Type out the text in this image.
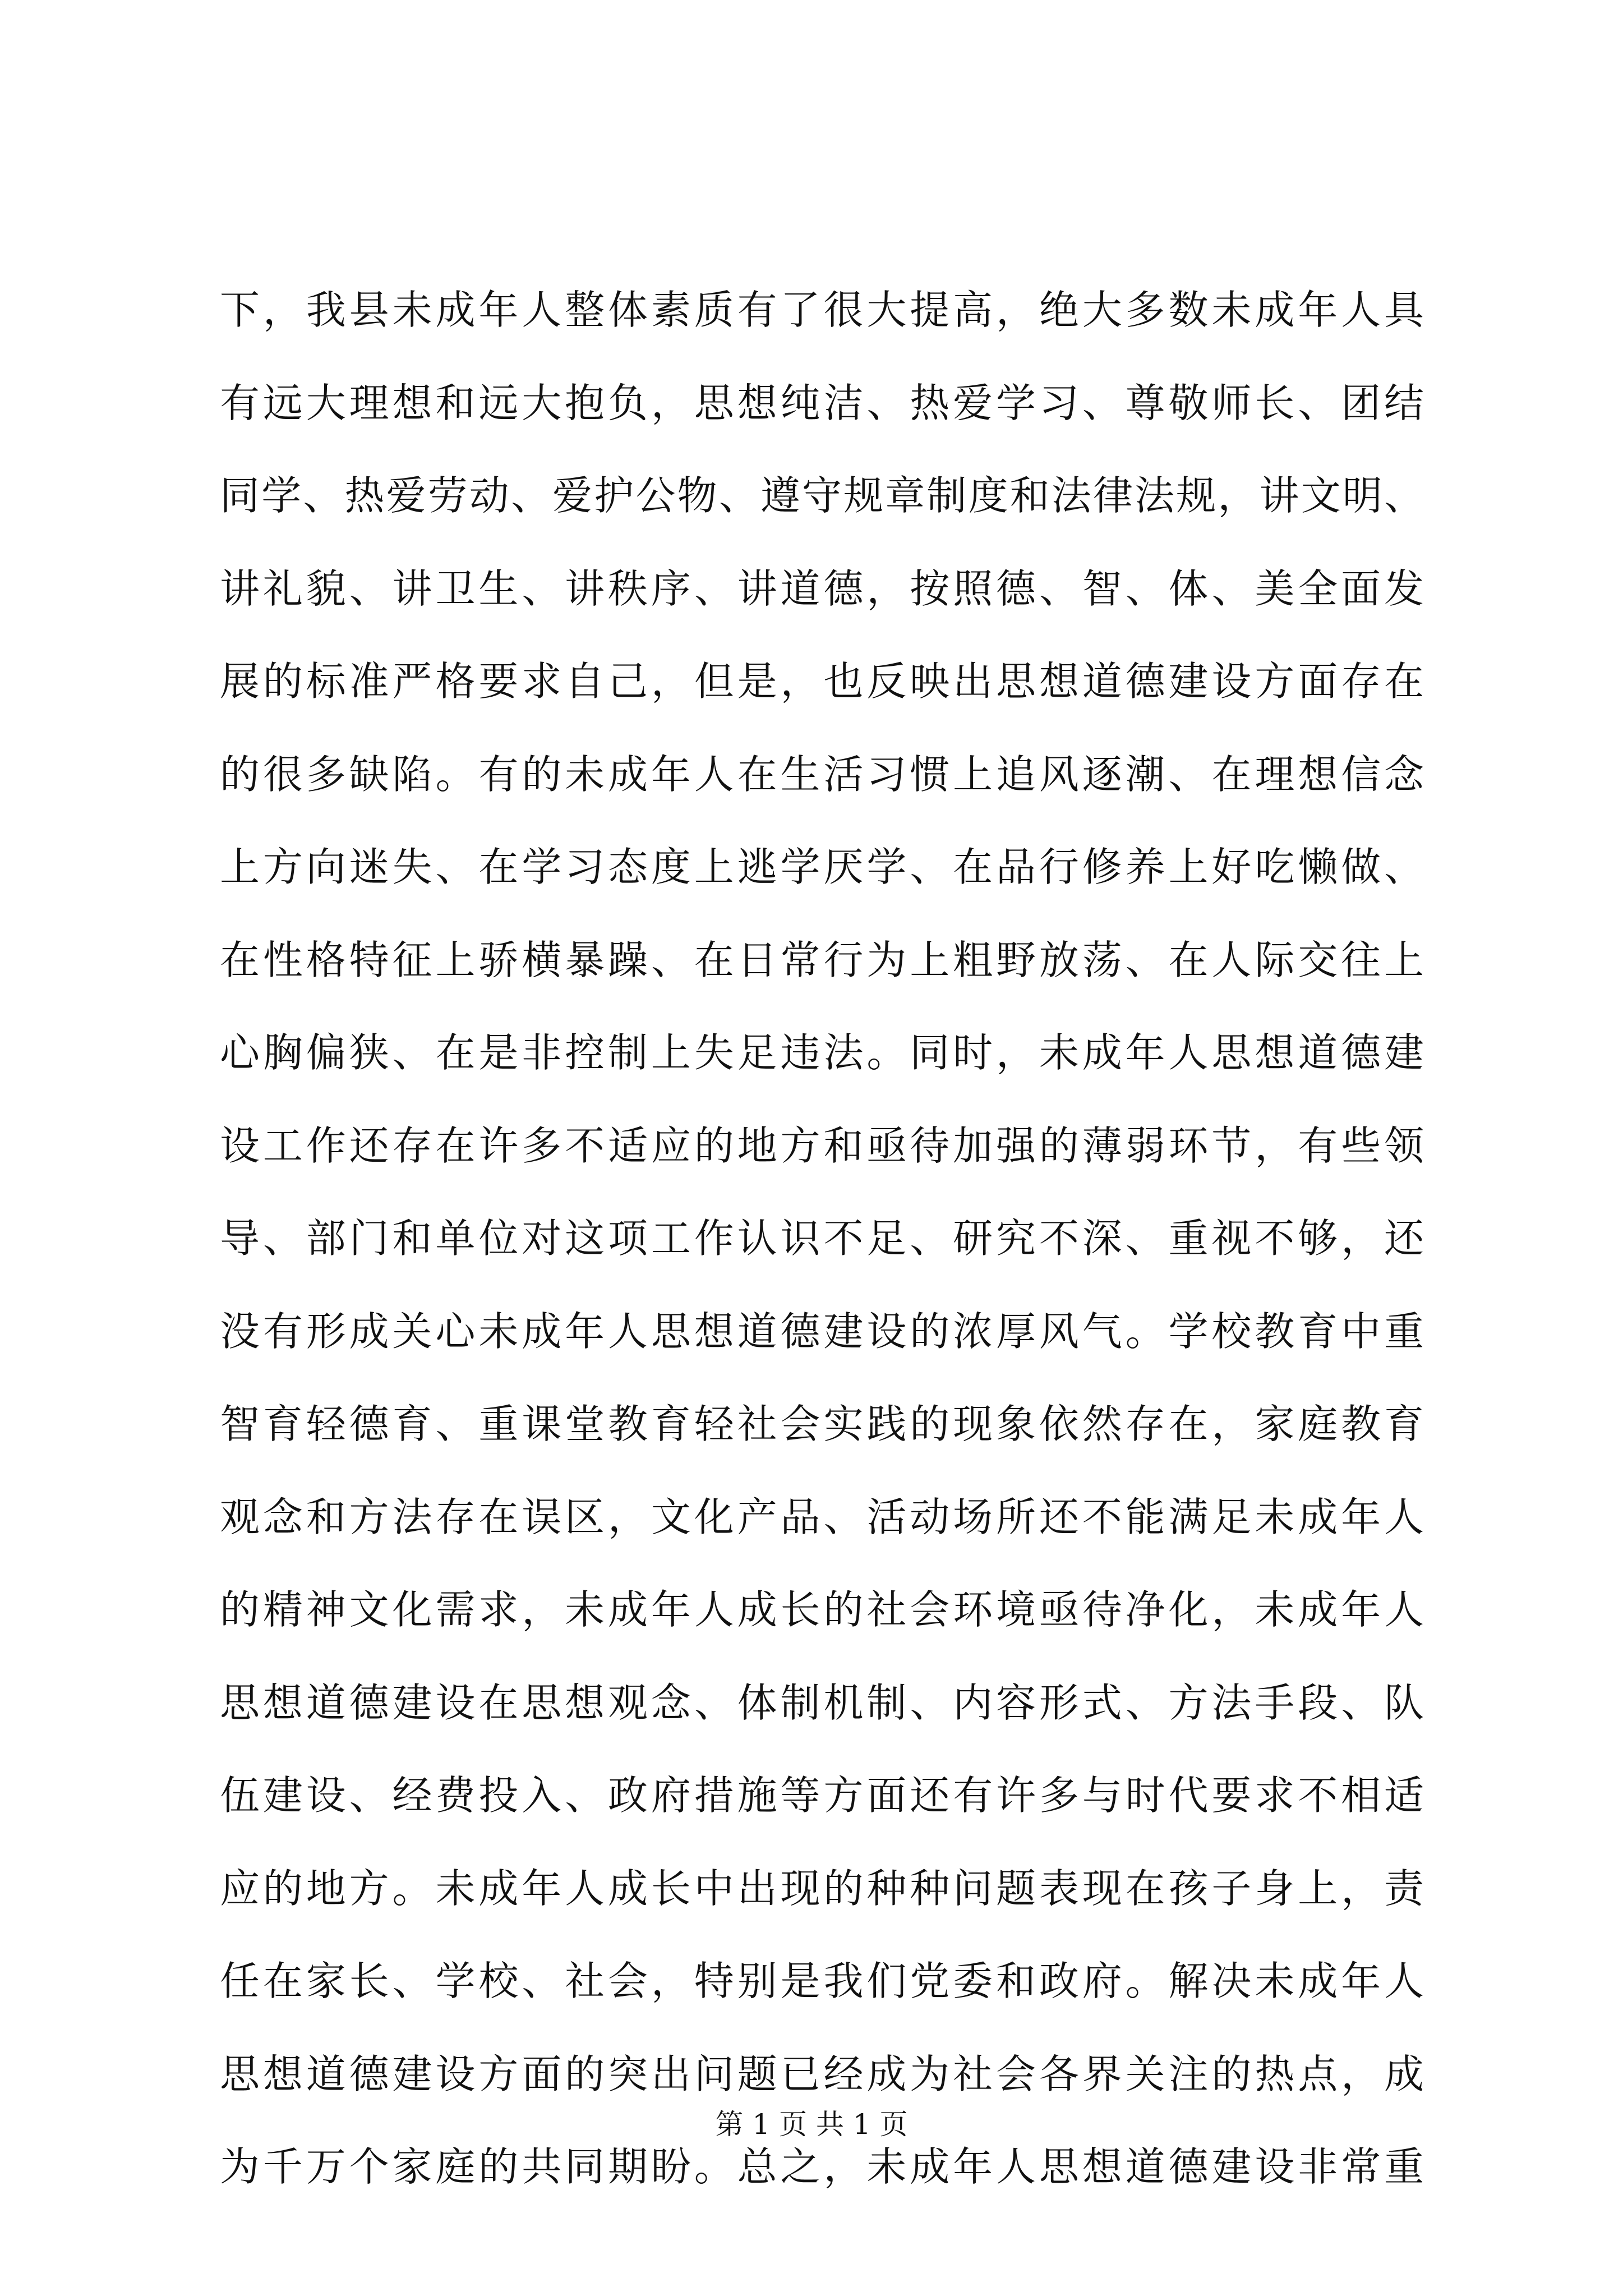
下，我县未成年人整体素质有了很大提高，绝大多数未成年人具
有远大理想和远大抱负，思想纯洁、热爱学习、尊敬师长、团结
同学、热爱劳动、爱护公物、遵守规章制度和法律法规，讲文明、
讲礼貌、讲卫生、讲秩序、讲道德，按照德、智、体、美全面发
展的标准严格要求自己，但是，也反映出思想道德建设方面存在
的很多缺陷。有的未成年人在生活习惯上追风逐潮、在理想信念
上方向迷失、在学习态度上逃学厌学、在品行修养上好吃懒做、
在性格特征上骄横暴躁、在日常行为上粗野放荡、在人际交往上
心胸偏狭、在是非控制上失足违法。同时，未成年人思想道德建
设工作还存在许多不适应的地方和亟待加强的薄弱环节，有些领
导、部门和单位对这项工作认识不足、研究不深、重视不够，还
没有形成关心未成年人思想道德建设的浓厚风气。学校教育中重
智育轻德育、重课堂教育轻社会实践的现象依然存在，家庭教育
观念和方法存在误区，文化产品、活动场所还不能满足未成年人
的精神文化需求，未成年人成长的社会环境亟待净化，未成年人
思想道德建设在思想观念、体制机制、内容形式、方法手段、队
伍建设、经费投入、政府措施等方面还有许多与时代要求不相适
应的地方。未成年人成长中出现的种种问题表现在孩子身上，责
任在家长、学校、社会，特别是我们党委和政府。解决未成年人
思想道德建设方面的突出问题已经成为社会各界关注的热点，成
为千万个家庭的共同期盼。总之，未成年人思想道德建设非常重
第 1 页 共 1 页
